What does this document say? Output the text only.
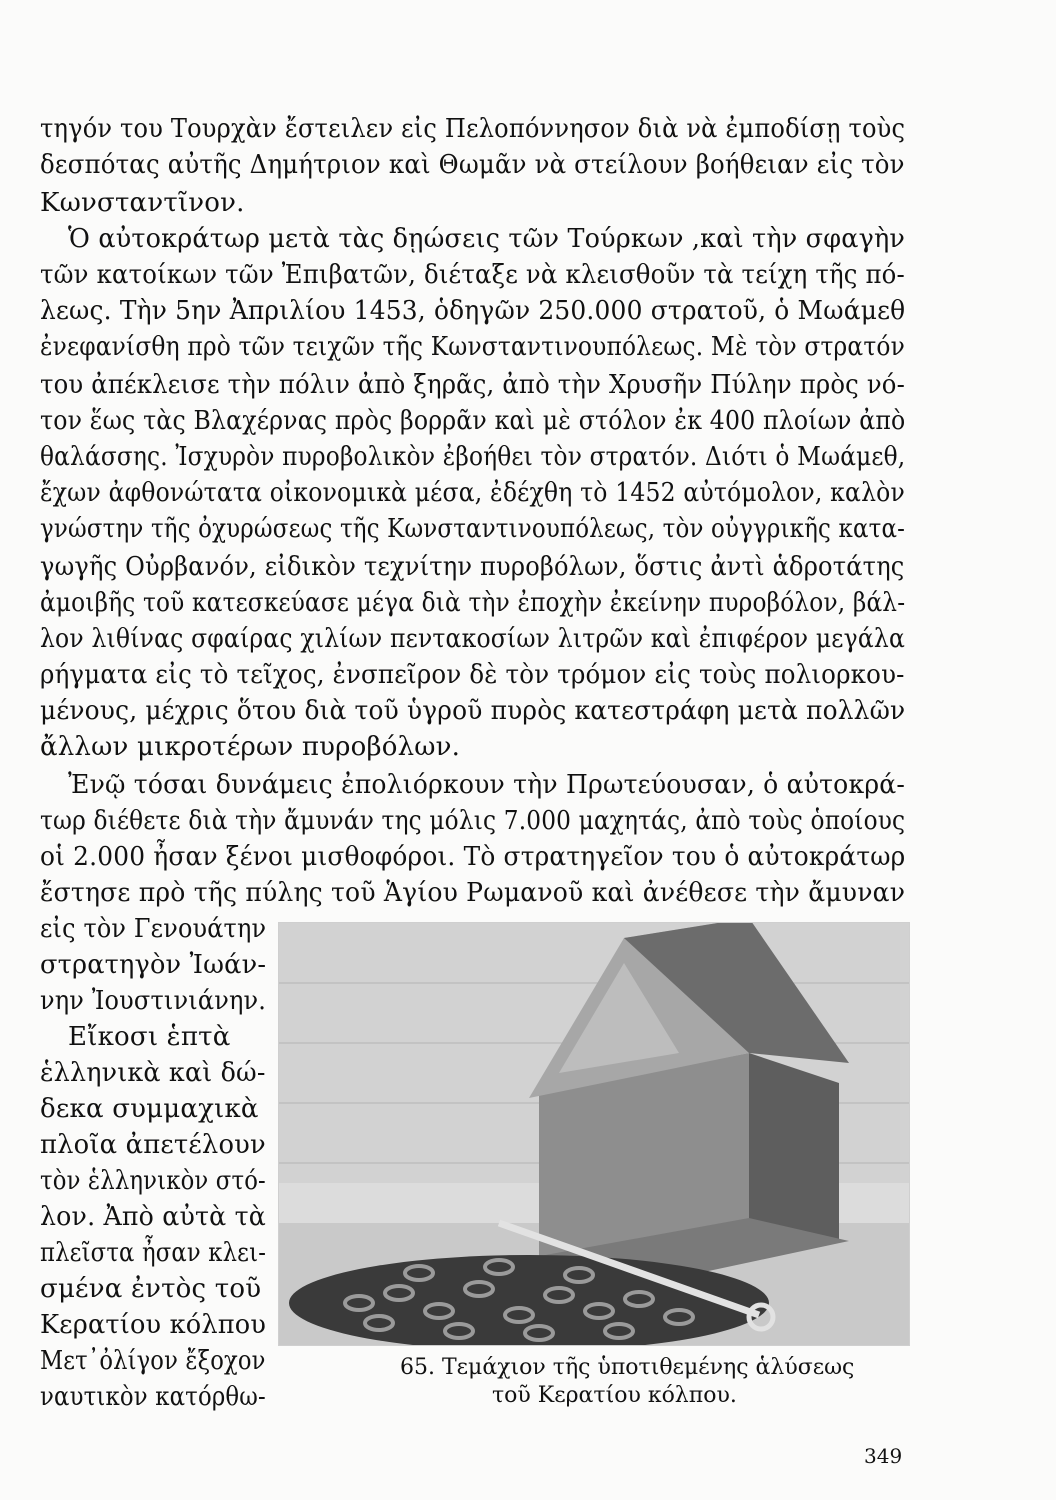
τηγόν του Τουρχὰν ἔστειλεν εἰς Πελοπόννησον διὰ νὰ ἐμποδίσῃ τοὺς
δεσπότας αὐτῆς Δημήτριον καὶ Θωμᾶν νὰ στείλουν βοήθειαν εἰς τὸν
Κωνσταντῖνον.
Ὁ αὐτοκράτωρ μετὰ τὰς δῃώσεις τῶν Τούρκων ,καὶ τὴν σφαγὴν
τῶν κατοίκων τῶν Ἐπιβατῶν, διέταξε νὰ κλεισθοῦν τὰ τείχη τῆς πό-
λεως. Τὴν 5ην Ἀπριλίου 1453, ὁδηγῶν 250.000 στρατοῦ, ὁ Μωάμεθ
ἐνεφανίσθη πρὸ τῶν τειχῶν τῆς Κωνσταντινουπόλεως. Μὲ τὸν στρατόν
του ἀπέκλεισε τὴν πόλιν ἀπὸ ξηρᾶς, ἀπὸ τὴν Χρυσῆν Πύλην πρὸς νό-
τον ἕως τὰς Βλαχέρνας πρὸς βορρᾶν καὶ μὲ στόλον ἐκ 400 πλοίων ἀπὸ
θαλάσσης. Ἰσχυρὸν πυροβολικὸν ἐβοήθει τὸν στρατόν. Διότι ὁ Μωάμεθ,
ἔχων ἀφθονώτατα οἰκονομικὰ μέσα, ἐδέχθη τὸ 1452 αὐτόμολον, καλὸν
γνώστην τῆς ὀχυρώσεως τῆς Κωνσταντινουπόλεως, τὸν οὐγγρικῆς κατα-
γωγῆς Οὐρβανόν, εἰδικὸν τεχνίτην πυροβόλων, ὅστις ἀντὶ ἁδροτάτης
ἀμοιβῆς τοῦ κατεσκεύασε μέγα διὰ τὴν ἐποχὴν ἐκείνην πυροβόλον, βάλ-
λον λιθίνας σφαίρας χιλίων πεντακοσίων λιτρῶν καὶ ἐπιφέρον μεγάλα
ρήγματα εἰς τὸ τεῖχος, ἐνσπεῖρον δὲ τὸν τρόμον εἰς τοὺς πολιορκου-
μένους, μέχρις ὅτου διὰ τοῦ ὑγροῦ πυρὸς κατεστράφη μετὰ πολλῶν
ἄλλων μικροτέρων πυροβόλων.
Ἐνῷ τόσαι δυνάμεις ἐπολιόρκουν τὴν Πρωτεύουσαν, ὁ αὐτοκρά-
τωρ διέθετε διὰ τὴν ἄμυνάν της μόλις 7.000 μαχητάς, ἀπὸ τοὺς ὁποίους
οἱ 2.000 ἦσαν ξένοι μισθοφόροι. Τὸ στρατηγεῖον του ὁ αὐτοκράτωρ
ἔστησε πρὸ τῆς πύλης τοῦ Ἁγίου Ρωμανοῦ καὶ ἀνέθεσε τὴν ἄμυναν
εἰς τὸν Γενουάτην
στρατηγὸν Ἰωάν-
νην Ἰουστινιάνην.
Εἴκοσι ἑπτὰ
ἑλληνικὰ καὶ δώ-
δεκα συμμαχικὰ
πλοῖα ἀπετέλουν
τὸν ἑλληνικὸν στό-
λον. Ἀπὸ αὐτὰ τὰ
πλεῖστα ἦσαν κλει-
σμένα ἐντὸς τοῦ
Κερατίου κόλπου
Μετ᾽ὀλίγον ἔξοχον
ναυτικὸν κατόρθω-
65. Τεμάχιον τῆς ὑποτιθεμένης ἁλύσεως
τοῦ Κερατίου κόλπου.
349
